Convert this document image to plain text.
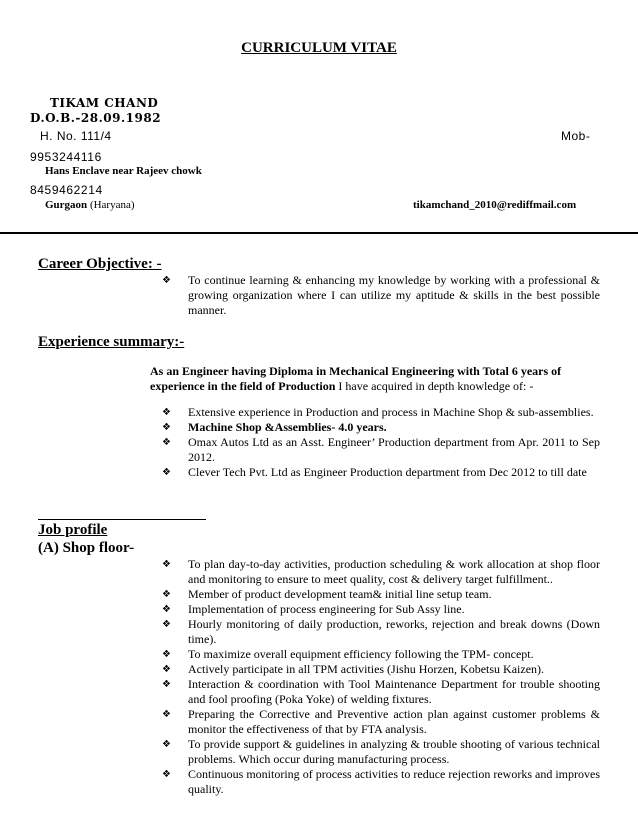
CURRICULUM VITAE
TIKAM CHAND
D.O.B.-28.09.1982
H. No. 111/4	Mob-
9953244116
Hans Enclave near Rajeev chowk
8459462214
Gurgaon (Haryana)	tikamchand_2010@rediffmail.com
Career Objective: -
❖ To continue learning & enhancing my knowledge by working with a professional & growing organization where I can utilize my aptitude & skills in the best possible manner.
Experience summary:-
As an Engineer having Diploma in Mechanical Engineering with Total 6 years of experience in the field of Production I have acquired in depth knowledge of: -
❖ Extensive experience in Production and process in Machine Shop & sub-assemblies.
❖ Machine Shop &Assemblies- 4.0 years.
❖ Omax Autos Ltd as an Asst. Engineer’ Production department from Apr. 2011 to Sep 2012.
❖ Clever Tech Pvt. Ltd as Engineer Production department from Dec 2012 to till date
Job profile
(A) Shop floor-
❖ To plan day-to-day activities, production scheduling & work allocation at shop floor and monitoring to ensure to meet quality, cost & delivery target fulfillment..
❖ Member of product development team& initial line setup team.
❖ Implementation of process engineering for Sub Assy line.
❖ Hourly monitoring of daily production, reworks, rejection and break downs (Down time).
❖ To maximize overall equipment efficiency following the TPM- concept.
❖ Actively participate in all TPM activities (Jishu Horzen, Kobetsu Kaizen).
❖ Interaction & coordination with Tool Maintenance Department for trouble shooting and fool proofing (Poka Yoke) of welding fixtures.
❖ Preparing the Corrective and Preventive action plan against customer problems & monitor the effectiveness of that by FTA analysis.
❖ To provide support & guidelines in analyzing & trouble shooting of various technical problems. Which occur during manufacturing process.
❖ Continuous monitoring of process activities to reduce rejection reworks and improves quality.
